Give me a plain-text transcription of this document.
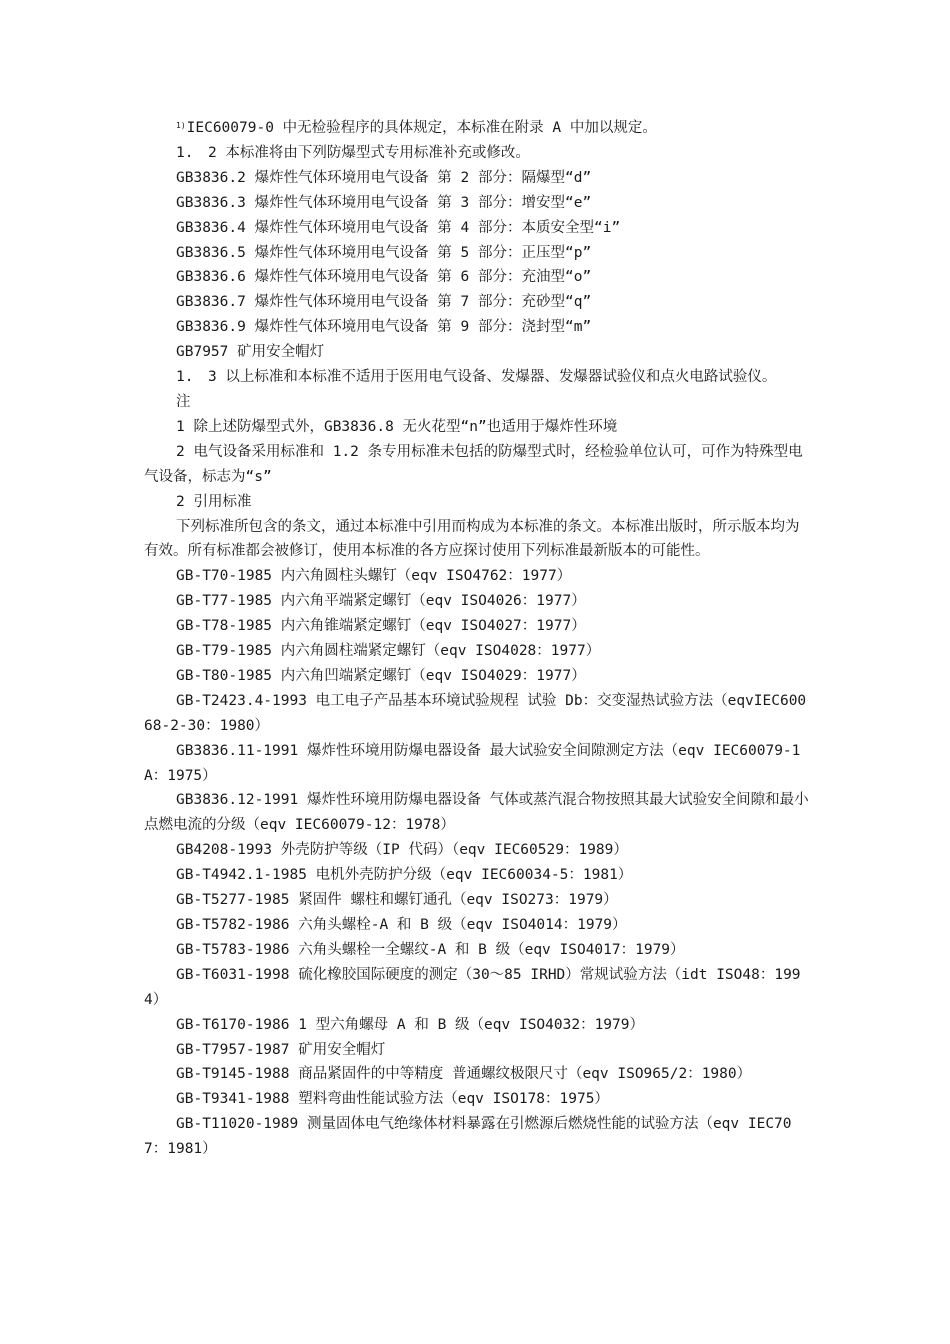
$^{1)}$IEC60079-0 中无检验程序的具体规定，本标准在附录 A 中加以规定。

1.　2 本标准将由下列防爆型式专用标准补充或修改。

GB3836.2 爆炸性气体环境用电气设备 第 2 部分：隔爆型“d”

GB3836.3 爆炸性气体环境用电气设备 第 3 部分：增安型“e”

GB3836.4 爆炸性气体环境用电气设备 第 4 部分：本质安全型“i”

GB3836.5 爆炸性气体环境用电气设备 第 5 部分：正压型“p”

GB3836.6 爆炸性气体环境用电气设备 第 6 部分：充油型“o”

GB3836.7 爆炸性气体环境用电气设备 第 7 部分：充砂型“q”

GB3836.9 爆炸性气体环境用电气设备 第 9 部分：浇封型“m”

GB7957 矿用安全帽灯

1.　3 以上标准和本标准不适用于医用电气设备、发爆器、发爆器试验仪和点火电路试验仪。

注

1 除上述防爆型式外，GB3836.8 无火花型“n”也适用于爆炸性环境

2 电气设备采用标准和 1.2 条专用标准未包括的防爆型式时，经检验单位认可，可作为特殊型电气设备，标志为“s”

2 引用标准

下列标准所包含的条文，通过本标准中引用而构成为本标准的条文。本标准出版时，所示版本均为有效。所有标准都会被修订，使用本标准的各方应探讨使用下列标准最新版本的可能性。

GB-T70-1985 内六角圆柱头螺钉（eqv ISO4762：1977）

GB-T77-1985 内六角平端紧定螺钉（eqv ISO4026：1977）

GB-T78-1985 内六角锥端紧定螺钉（eqv ISO4027：1977）

GB-T79-1985 内六角圆柱端紧定螺钉（eqv ISO4028：1977）

GB-T80-1985 内六角凹端紧定螺钉（eqv ISO4029：1977）

GB-T2423.4-1993 电工电子产品基本环境试验规程 试验 Db：交变湿热试验方法（eqvIEC60068-2-30：1980）

GB3836.11-1991 爆炸性环境用防爆电器设备 最大试验安全间隙测定方法（eqv IEC60079-1A：1975）

GB3836.12-1991 爆炸性环境用防爆电器设备 气体或蒸汽混合物按照其最大试验安全间隙和最小点燃电流的分级（eqv IEC60079-12：1978）

GB4208-1993 外壳防护等级（IP 代码）（eqv IEC60529：1989）

GB-T4942.1-1985 电机外壳防护分级（eqv IEC60034-5：1981）

GB-T5277-1985 紧固件 螺柱和螺钉通孔（eqv ISO273：1979）

GB-T5782-1986 六角头螺栓-A 和 B 级（eqv ISO4014：1979）

GB-T5783-1986 六角头螺栓一全螺纹-A 和 B 级（eqv ISO4017：1979）

GB-T6031-1998 硫化橡胶国际硬度的测定（30～85 IRHD）常规试验方法（idt ISO48：1994）

GB-T6170-1986 1 型六角螺母 A 和 B 级（eqv ISO4032：1979）

GB-T7957-1987 矿用安全帽灯

GB-T9145-1988 商品紧固件的中等精度 普通螺纹极限尺寸（eqv ISO965/2：1980）

GB-T9341-1988 塑料弯曲性能试验方法（eqv ISO178：1975）

GB-T11020-1989 测量固体电气绝缘体材料暴露在引燃源后燃烧性能的试验方法（eqv IEC707：1981）
